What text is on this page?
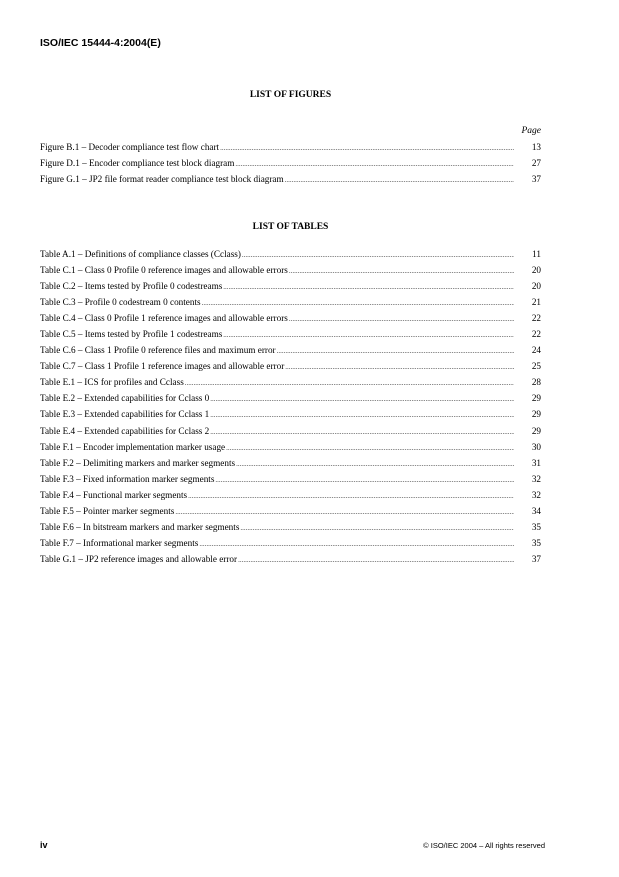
ISO/IEC 15444-4:2004(E)
LIST OF FIGURES
Page
Figure B.1 – Decoder compliance test flow chart .....	13
Figure D.1 – Encoder compliance test block diagram .....	27
Figure G.1 – JP2 file format reader compliance test block diagram .....	37
LIST OF TABLES
Table A.1 – Definitions of compliance classes (Cclass) .....	11
Table C.1 – Class 0 Profile 0 reference images and allowable errors .....	20
Table C.2 – Items tested by Profile 0 codestreams .....	20
Table C.3 – Profile 0 codestream 0 contents .....	21
Table C.4 – Class 0 Profile 1 reference images and allowable errors .....	22
Table C.5 – Items tested by Profile 1 codestreams .....	22
Table C.6 – Class 1 Profile 0 reference files and maximum error .....	24
Table C.7 – Class 1 Profile 1 reference images and allowable error .....	25
Table E.1 – ICS for profiles and Cclass .....	28
Table E.2 – Extended capabilities for Cclass 0 .....	29
Table E.3 – Extended capabilities for Cclass 1 .....	29
Table E.4 – Extended capabilities for Cclass 2 .....	29
Table F.1 – Encoder implementation marker usage .....	30
Table F.2 – Delimiting markers and marker segments .....	31
Table F.3 – Fixed information marker segments .....	32
Table F.4 – Functional marker segments .....	32
Table F.5 – Pointer marker segments .....	34
Table F.6 – In bitstream markers and marker segments .....	35
Table F.7 – Informational marker segments .....	35
Table G.1 – JP2 reference images and allowable error .....	37
iv	© ISO/IEC 2004 – All rights reserved
